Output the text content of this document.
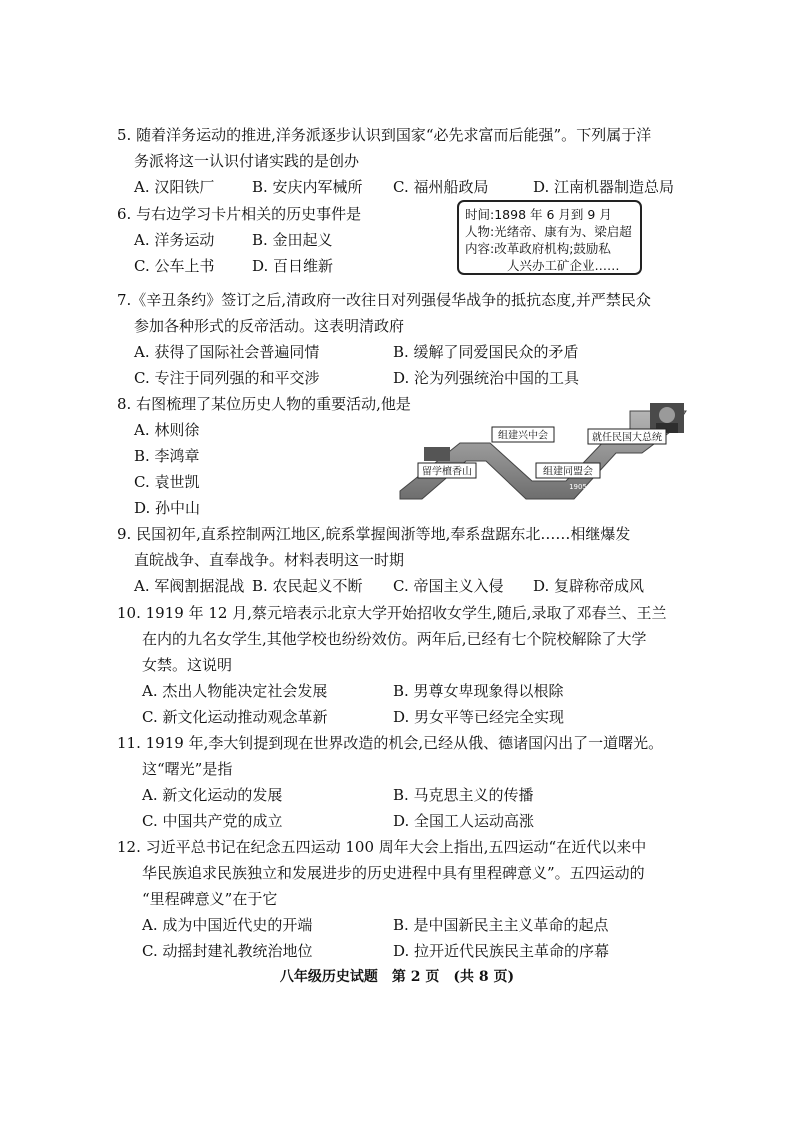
5. 随着洋务运动的推进,洋务派逐步认识到国家“必先求富而后能强”。下列属于洋
务派将这一认识付诸实践的是创办
A. 汉阳铁厂	B. 安庆内军械所 C. 福州船政局	D. 江南机器制造总局
6. 与右边学习卡片相关的历史事件是
A. 洋务运动	B. 金田起义
C. 公车上书	D. 百日维新
时间:1898 年 6 月到 9 月
人物:光绪帝、康有为、梁启超
内容:改革政府机构;鼓励私
人兴办工矿企业……
7.《辛丑条约》签订之后,清政府一改往日对列强侵华战争的抵抗态度,并严禁民众
参加各种形式的反帝活动。这表明清政府
A. 获得了国际社会普遍同情	B. 缓解了同爱国民众的矛盾
C. 专注于同列强的和平交涉	D. 沦为列强统治中国的工具
8. 右图梳理了某位历史人物的重要活动,他是
A. 林则徐
B. 李鸿章
C. 袁世凯
D. 孙中山
留学檀香山
1878
组建兴中会
1894
组建同盟会
1905
就任民国大总统
1912
9. 民国初年,直系控制两江地区,皖系掌握闽浙等地,奉系盘踞东北……相继爆发
直皖战争、直奉战争。材料表明这一时期
A. 军阀割据混战 B. 农民起义不断 C. 帝国主义入侵 D. 复辟称帝成风
10. 1919 年 12 月,蔡元培表示北京大学开始招收女学生,随后,录取了邓春兰、王兰
在内的九名女学生,其他学校也纷纷效仿。两年后,已经有七个院校解除了大学
女禁。这说明
A. 杰出人物能决定社会发展	B. 男尊女卑现象得以根除
C. 新文化运动推动观念革新	D. 男女平等已经完全实现
11. 1919 年,李大钊提到现在世界改造的机会,已经从俄、德诸国闪出了一道曙光。
这“曙光”是指
A. 新文化运动的发展	B. 马克思主义的传播
C. 中国共产党的成立	D. 全国工人运动高涨
12. 习近平总书记在纪念五四运动 100 周年大会上指出,五四运动“在近代以来中
华民族追求民族独立和发展进步的历史进程中具有里程碑意义”。五四运动的
“里程碑意义”在于它
A. 成为中国近代史的开端	B. 是中国新民主主义革命的起点
C. 动摇封建礼教统治地位	D. 拉开近代民族民主革命的序幕
八年级历史试题　第 2 页　(共 8 页)
